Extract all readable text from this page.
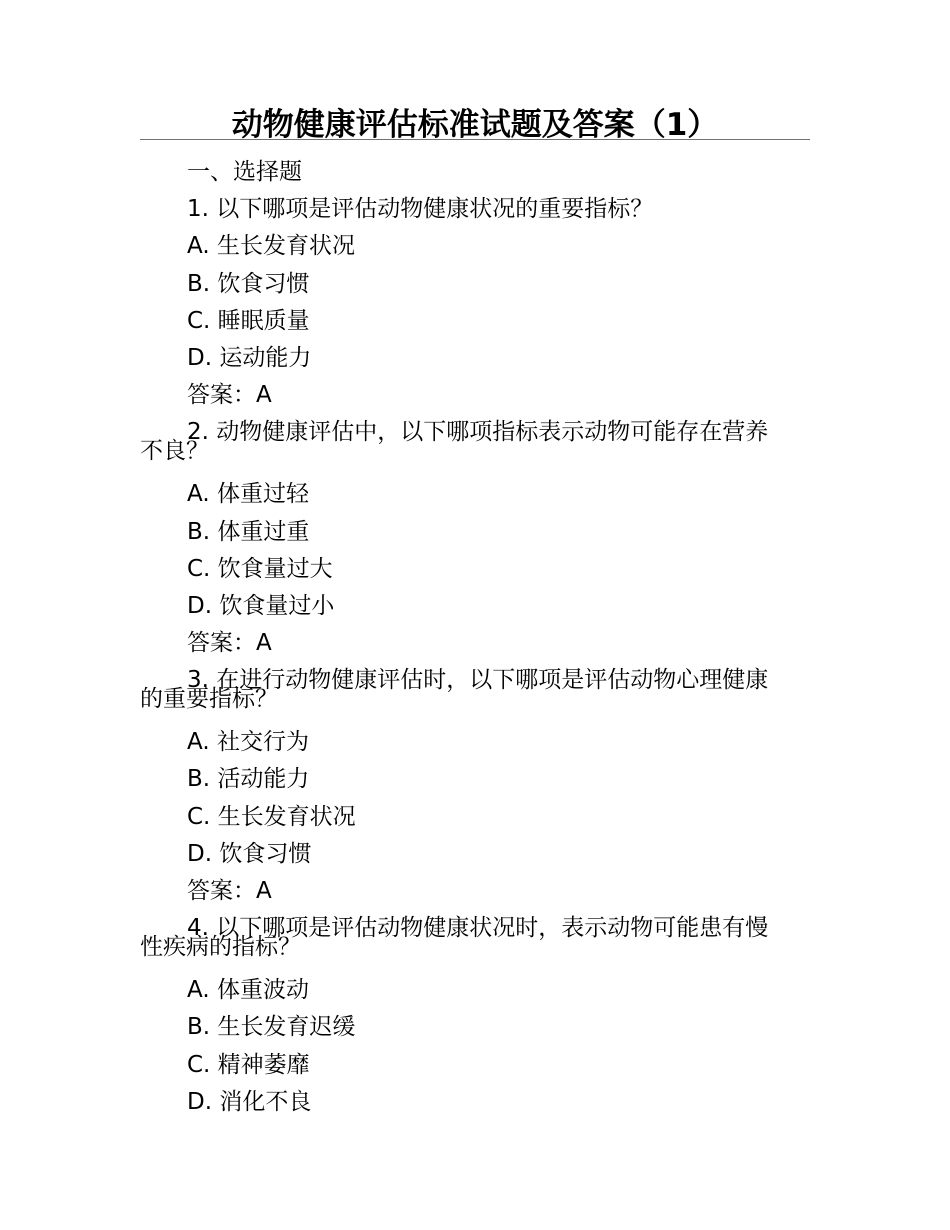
动物健康评估标准试题及答案（1）
一、选择题
1. 以下哪项是评估动物健康状况的重要指标？
A. 生长发育状况
B. 饮食习惯
C. 睡眠质量
D. 运动能力
答案：A
2. 动物健康评估中，以下哪项指标表示动物可能存在营养
不良？
A. 体重过轻
B. 体重过重
C. 饮食量过大
D. 饮食量过小
答案：A
3. 在进行动物健康评估时，以下哪项是评估动物心理健康
的重要指标？
A. 社交行为
B. 活动能力
C. 生长发育状况
D. 饮食习惯
答案：A
4. 以下哪项是评估动物健康状况时，表示动物可能患有慢
性疾病的指标？
A. 体重波动
B. 生长发育迟缓
C. 精神萎靡
D. 消化不良
